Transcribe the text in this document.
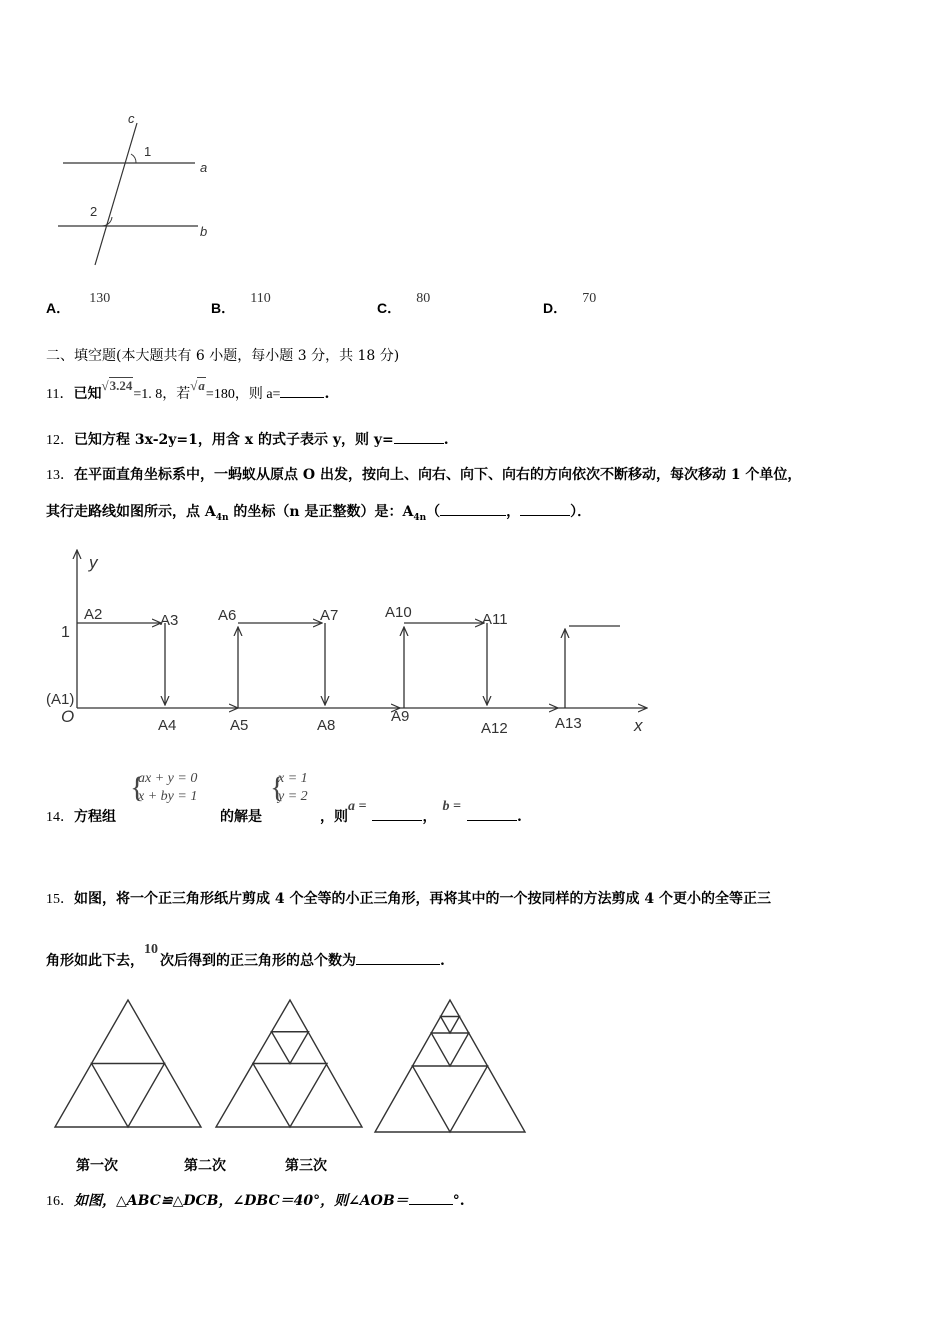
c
1
a
2
b
A． 130
B． 110
C． 80
D． 70
二、填空题(本大题共有 6 小题，每小题 3 分，共 18 分)
11．已知√3.24=1. 8，若√a=180，则 a=	.
12．已知方程 3x-2y=1，用含 x 的式子表示 y，则 y=	.
13．在平面直角坐标系中，一蚂蚁从原点 O 出发，按向上、向右、向下、向右的方向依次不断移动，每次移动 1 个单位，
其行走路线如图所示，点 $A_{4n}$ 的坐标（n 是正整数）是：$A_{4n}$（	，	）．
y
x
1
O
(A1)
A2	A3
A4	A5
A6	A7
A8
A9
A10	A11
A12	A13
14．方程组
{
ax + y = 0
x + by = 1
的解是
{
x = 1
y = 2
，则a =，b =.
15．如图，将一个正三角形纸片剪成 4 个全等的小正三角形，再将其中的一个按同样的方法剪成 4 个更小的全等正三
角形如此下去，10次后得到的正三角形的总个数为	.
第一次	第二次	第三次
16．如图，△ABC≌△DCB，∠DBC＝40°，则∠AOB＝	°.
